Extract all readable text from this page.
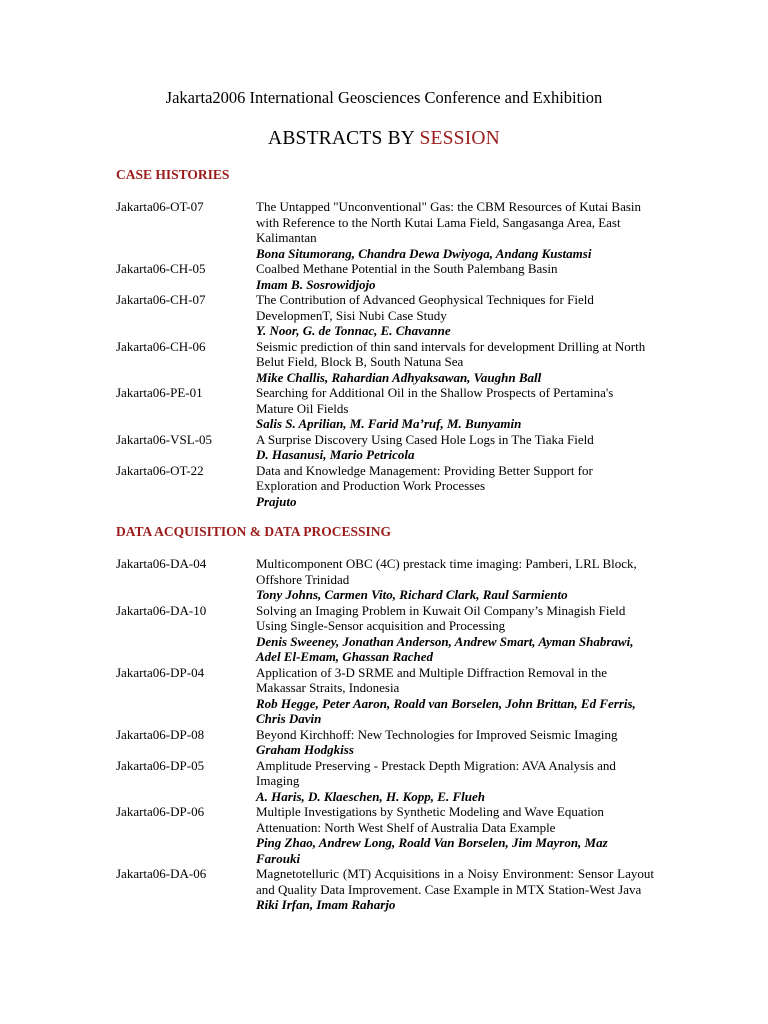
Jakarta2006 International Geosciences Conference and Exhibition
ABSTRACTS BY SESSION
CASE HISTORIES
Jakarta06-OT-07	The Untapped "Unconventional" Gas: the CBM Resources of Kutai Basin with Reference to the North Kutai Lama Field, Sangasanga Area, East Kalimantan
Bona Situmorang, Chandra Dewa Dwiyoga, Andang Kustamsi
Jakarta06-CH-05	Coalbed Methane Potential in the South Palembang Basin
Imam B. Sosrowidjojo
Jakarta06-CH-07	The Contribution of Advanced Geophysical Techniques for Field DevelopmenT, Sisi Nubi Case Study
Y. Noor, G. de Tonnac, E. Chavanne
Jakarta06-CH-06	Seismic prediction of thin sand intervals for development Drilling at North Belut Field, Block B, South Natuna Sea
Mike Challis, Rahardian Adhyaksawan, Vaughn Ball
Jakarta06-PE-01	Searching for Additional Oil in the Shallow Prospects of Pertamina's Mature Oil Fields
Salis S. Aprilian, M. Farid Ma’ruf, M. Bunyamin
Jakarta06-VSL-05	A Surprise Discovery Using Cased Hole Logs in The Tiaka Field
D. Hasanusi, Mario Petricola
Jakarta06-OT-22	Data and Knowledge Management: Providing Better Support for Exploration and Production Work Processes
Prajuto
DATA ACQUISITION & DATA PROCESSING
Jakarta06-DA-04	Multicomponent OBC (4C) prestack time imaging: Pamberi, LRL Block, Offshore Trinidad
Tony Johns, Carmen Vito, Richard Clark, Raul Sarmiento
Jakarta06-DA-10	Solving an Imaging Problem in Kuwait Oil Company’s Minagish Field Using Single-Sensor acquisition and Processing
Denis Sweeney, Jonathan Anderson, Andrew Smart, Ayman Shabrawi, Adel El-Emam, Ghassan Rached
Jakarta06-DP-04	Application of 3-D SRME and Multiple Diffraction Removal in the Makassar Straits, Indonesia
Rob Hegge, Peter Aaron, Roald van Borselen, John Brittan, Ed Ferris, Chris Davin
Jakarta06-DP-08	Beyond Kirchhoff: New Technologies for Improved Seismic Imaging
Graham Hodgkiss
Jakarta06-DP-05	Amplitude Preserving - Prestack Depth Migration: AVA Analysis and Imaging
A. Haris, D. Klaeschen, H. Kopp, E. Flueh
Jakarta06-DP-06	Multiple Investigations by Synthetic Modeling and Wave Equation Attenuation: North West Shelf of Australia Data Example
Ping Zhao, Andrew Long, Roald Van Borselen, Jim Mayron, Maz Farouki
Jakarta06-DA-06	Magnetotelluric (MT) Acquisitions in a Noisy Environment: Sensor Layout and Quality Data Improvement. Case Example in MTX Station-West Java
Riki Irfan, Imam Raharjo
